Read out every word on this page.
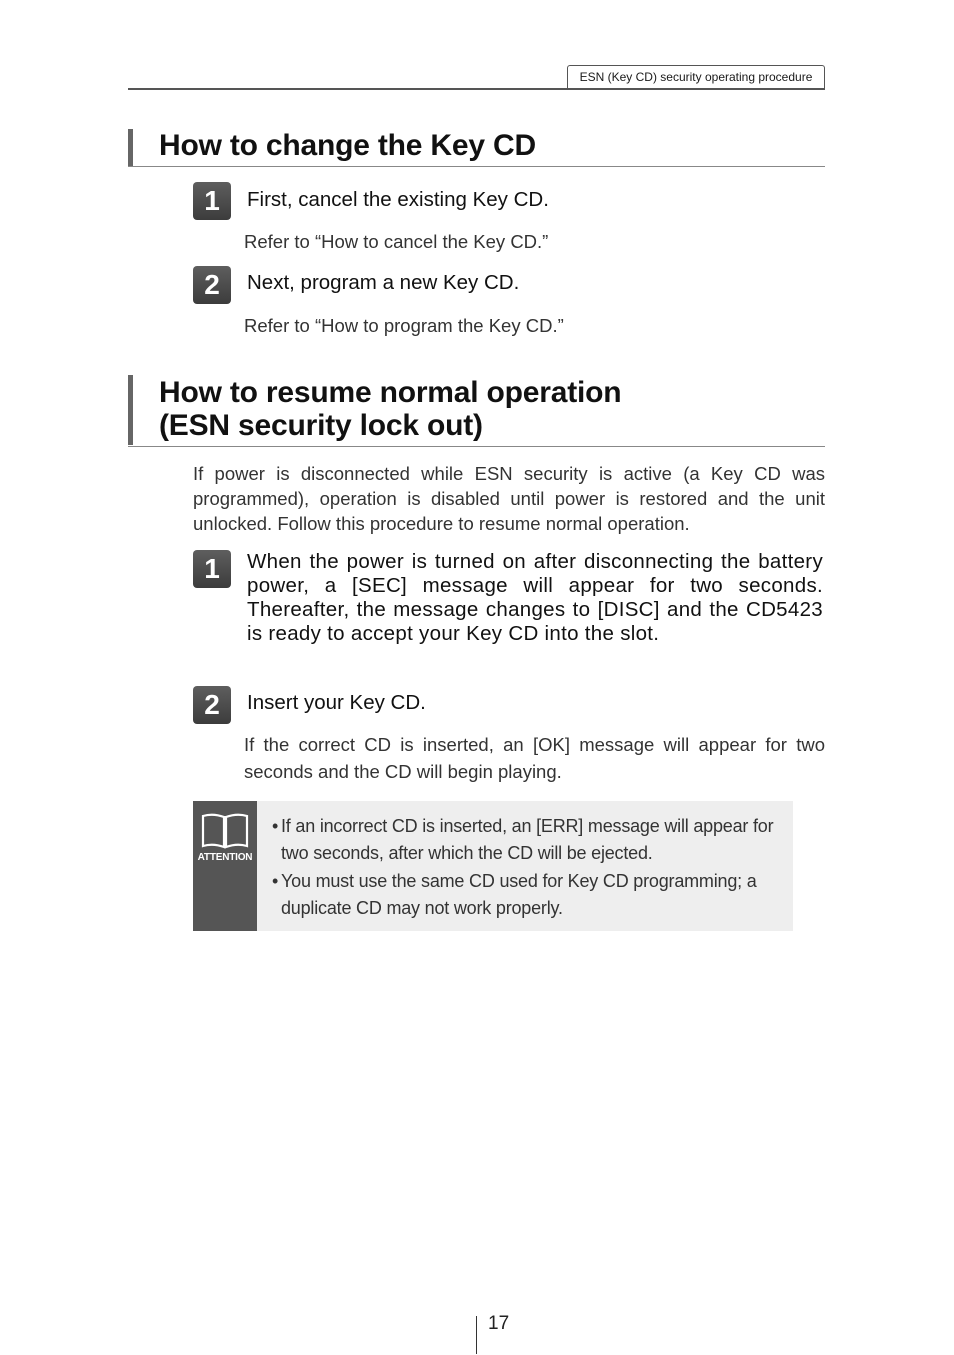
ESN (Key CD) security operating procedure
How to change the Key CD
1	First, cancel the existing Key CD.
Refer to “How to cancel the Key CD.”
2	Next, program a new Key CD.
Refer to “How to program the Key CD.”
How to resume normal operation
(ESN security lock out)
If power is disconnected while ESN security is active (a Key CD was programmed), operation is disabled until power is restored and the unit unlocked. Follow this procedure to resume normal operation.
1	When the power is turned on after disconnecting the battery power, a [SEC] message will appear for two seconds. Thereafter, the message changes to [DISC] and the CD5423 is ready to accept your Key CD into the slot.
2	Insert your Key CD.
If the correct CD is inserted, an [OK] message will appear for two seconds and the CD will begin playing.
ATTENTION
• If an incorrect CD is inserted, an [ERR] message will appear for two seconds, after which the CD will be ejected.
• You must use the same CD used for Key CD programming; a duplicate CD may not work properly.
17
